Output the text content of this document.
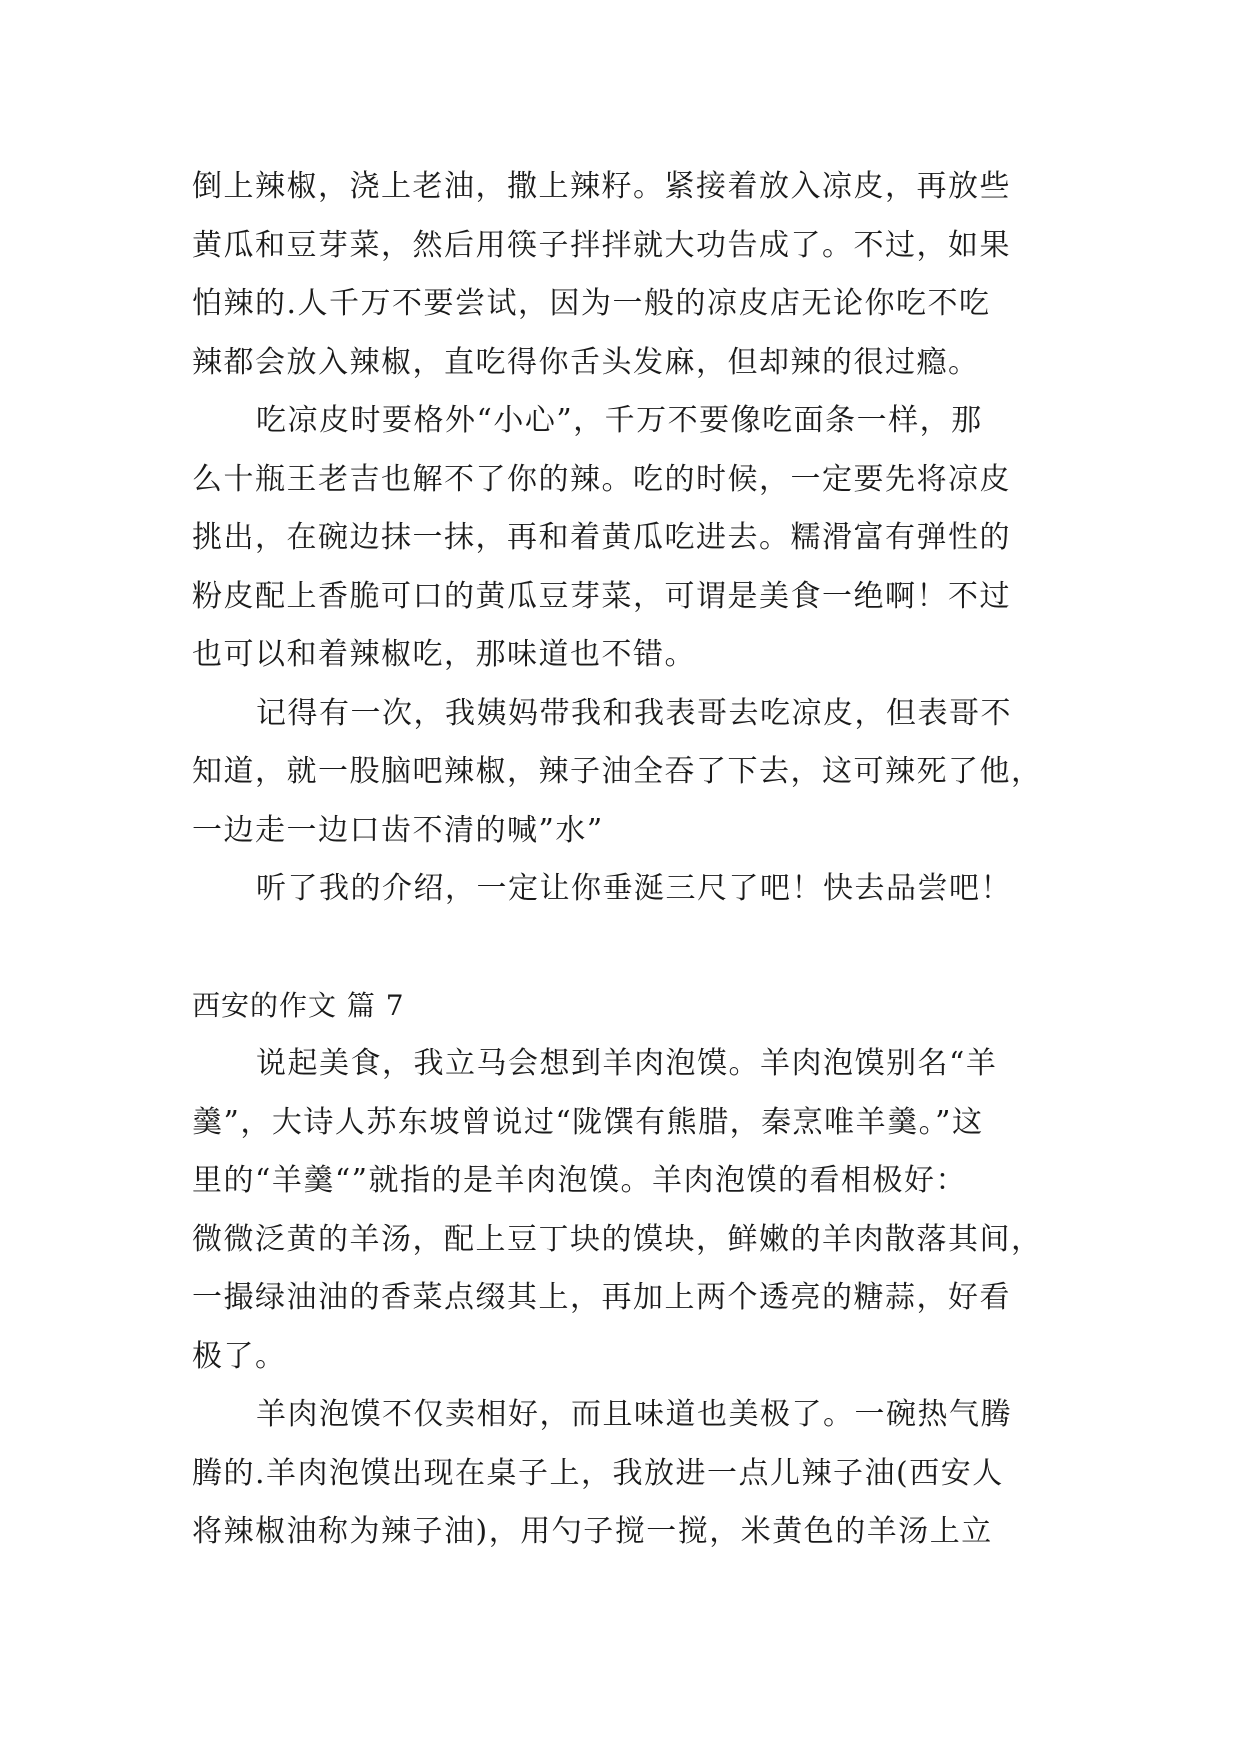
倒上辣椒，浇上老油，撒上辣籽。紧接着放入凉皮，再放些
黄瓜和豆芽菜，然后用筷子拌拌就大功告成了。不过，如果
怕辣的.人千万不要尝试，因为一般的凉皮店无论你吃不吃
辣都会放入辣椒，直吃得你舌头发麻，但却辣的很过瘾。
吃凉皮时要格外“小心”，千万不要像吃面条一样，那
么十瓶王老吉也解不了你的辣。吃的时候，一定要先将凉皮
挑出，在碗边抹一抹，再和着黄瓜吃进去。糯滑富有弹性的
粉皮配上香脆可口的黄瓜豆芽菜，可谓是美食一绝啊！不过
也可以和着辣椒吃，那味道也不错。
记得有一次，我姨妈带我和我表哥去吃凉皮，但表哥不
知道，就一股脑吧辣椒，辣子油全吞了下去，这可辣死了他，
一边走一边口齿不清的喊”水”
听了我的介绍，一定让你垂涎三尺了吧！快去品尝吧！
西安的作文 篇 7
说起美食，我立马会想到羊肉泡馍。羊肉泡馍别名“羊
羹”，大诗人苏东坡曾说过“陇馔有熊腊，秦烹唯羊羹。”这
里的“羊羹“”就指的是羊肉泡馍。羊肉泡馍的看相极好：
微微泛黄的羊汤，配上豆丁块的馍块，鲜嫩的羊肉散落其间，
一撮绿油油的香菜点缀其上，再加上两个透亮的糖蒜，好看
极了。
羊肉泡馍不仅卖相好，而且味道也美极了。一碗热气腾
腾的.羊肉泡馍出现在桌子上，我放进一点儿辣子油(西安人
将辣椒油称为辣子油)，用勺子搅一搅，米黄色的羊汤上立
